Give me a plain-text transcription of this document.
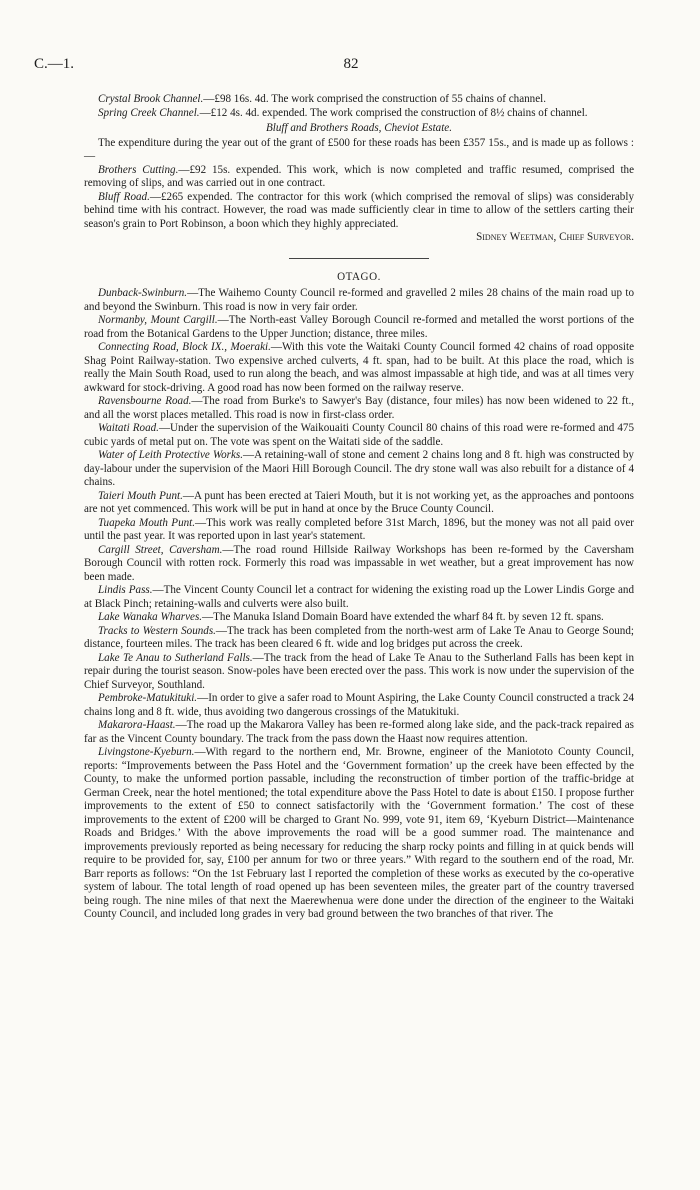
C.—1.	82

Crystal Brook Channel.—£98 16s. 4d. The work comprised the construction of 55 chains of channel.

Spring Creek Channel.—£12 4s. 4d. expended. The work comprised the construction of 8½ chains of channel.

Bluff and Brothers Roads, Cheviot Estate.

The expenditure during the year out of the grant of £500 for these roads has been £357 15s., and is made up as follows :—

Brothers Cutting.—£92 15s. expended. This work, which is now completed and traffic resumed, comprised the removing of slips, and was carried out in one contract.

Bluff Road.—£265 expended. The contractor for this work (which comprised the removal of slips) was considerably behind time with his contract. However, the road was made sufficiently clear in time to allow of the settlers carting their season's grain to Port Robinson, a boon which they highly appreciated.

Sidney Weetman, Chief Surveyor.

OTAGO.

Dunback-Swinburn.—The Waihemo County Council re-formed and gravelled 2 miles 28 chains of the main road up to and beyond the Swinburn. This road is now in very fair order.

Normanby, Mount Cargill.—The North-east Valley Borough Council re-formed and metalled the worst portions of the road from the Botanical Gardens to the Upper Junction; distance, three miles.

Connecting Road, Block IX., Moeraki.—With this vote the Waitaki County Council formed 42 chains of road opposite Shag Point Railway-station. Two expensive arched culverts, 4 ft. span, had to be built. At this place the road, which is really the Main South Road, used to run along the beach, and was almost impassable at high tide, and was at all times very awkward for stock-driving. A good road has now been formed on the railway reserve.

Ravensbourne Road.—The road from Burke's to Sawyer's Bay (distance, four miles) has now been widened to 22 ft., and all the worst places metalled. This road is now in first-class order.

Waitati Road.—Under the supervision of the Waikouaiti County Council 80 chains of this road were re-formed and 475 cubic yards of metal put on. The vote was spent on the Waitati side of the saddle.

Water of Leith Protective Works.—A retaining-wall of stone and cement 2 chains long and 8 ft. high was constructed by day-labour under the supervision of the Maori Hill Borough Council. The dry stone wall was also rebuilt for a distance of 4 chains.

Taieri Mouth Punt.—A punt has been erected at Taieri Mouth, but it is not working yet, as the approaches and pontoons are not yet commenced. This work will be put in hand at once by the Bruce County Council.

Tuapeka Mouth Punt.—This work was really completed before 31st March, 1896, but the money was not all paid over until the past year. It was reported upon in last year's statement.

Cargill Street, Caversham.—The road round Hillside Railway Workshops has been re-formed by the Caversham Borough Council with rotten rock. Formerly this road was impassable in wet weather, but a great improvement has now been made.

Lindis Pass.—The Vincent County Council let a contract for widening the existing road up the Lower Lindis Gorge and at Black Pinch; retaining-walls and culverts were also built.

Lake Wanaka Wharves.—The Manuka Island Domain Board have extended the wharf 84 ft. by seven 12 ft. spans.

Tracks to Western Sounds.—The track has been completed from the north-west arm of Lake Te Anau to George Sound; distance, fourteen miles. The track has been cleared 6 ft. wide and log bridges put across the creek.

Lake Te Anau to Sutherland Falls.—The track from the head of Lake Te Anau to the Sutherland Falls has been kept in repair during the tourist season. Snow-poles have been erected over the pass. This work is now under the supervision of the Chief Surveyor, Southland.

Pembroke-Matukituki.—In order to give a safer road to Mount Aspiring, the Lake County Council constructed a track 24 chains long and 8 ft. wide, thus avoiding two dangerous crossings of the Matukituki.

Makarora-Haast.—The road up the Makarora Valley has been re-formed along lake side, and the pack-track repaired as far as the Vincent County boundary. The track from the pass down the Haast now requires attention.

Livingstone-Kyeburn.—With regard to the northern end, Mr. Browne, engineer of the Maniototo County Council, reports: “Improvements between the Pass Hotel and the ‘Government formation’ up the creek have been effected by the County, to make the unformed portion passable, including the reconstruction of timber portion of the traffic-bridge at German Creek, near the hotel mentioned; the total expenditure above the Pass Hotel to date is about £150. I propose further improvements to the extent of £50 to connect satisfactorily with the ‘Government formation.’ The cost of these improvements to the extent of £200 will be charged to Grant No. 999, vote 91, item 69, ‘Kyeburn District—Maintenance Roads and Bridges.’ With the above improvements the road will be a good summer road. The maintenance and improvements previously reported as being necessary for reducing the sharp rocky points and filling in at quick bends will require to be provided for, say, £100 per annum for two or three years.” With regard to the southern end of the road, Mr. Barr reports as follows: “On the 1st February last I reported the completion of these works as executed by the co-operative system of labour. The total length of road opened up has been seventeen miles, the greater part of the country traversed being rough. The nine miles of that next the Maerewhenua were done under the direction of the engineer to the Waitaki County Council, and included long grades in very bad ground between the two branches of that river. The
